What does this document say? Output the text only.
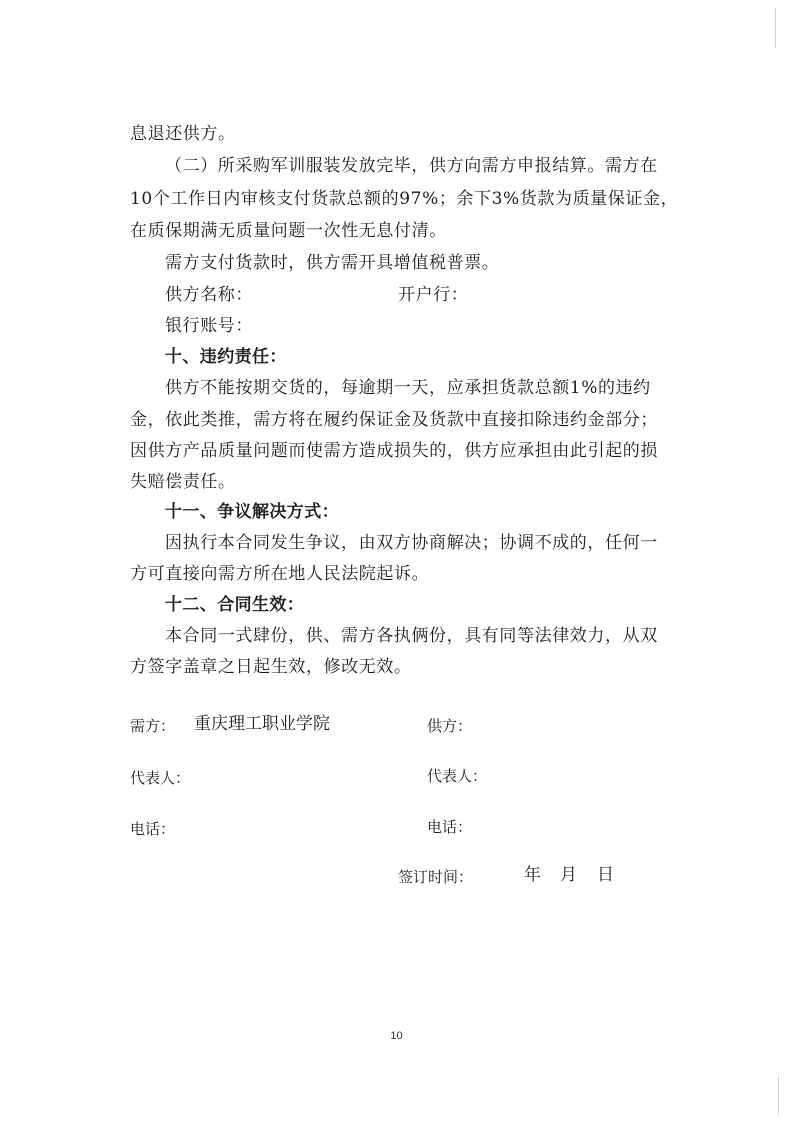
息退还供方。
（二）所采购军训服装发放完毕，供方向需方申报结算。需方在
10个工作日内审核支付货款总额的97%；余下3%货款为质量保证金，
在质保期满无质量问题一次性无息付清。
需方支付货款时，供方需开具增值税普票。
供方名称：	开户行：
银行账号：
十、违约责任：
供方不能按期交货的，每逾期一天，应承担货款总额1%的违约
金，依此类推，需方将在履约保证金及货款中直接扣除违约金部分；
因供方产品质量问题而使需方造成损失的，供方应承担由此引起的损
失赔偿责任。
十一、争议解决方式：
因执行本合同发生争议，由双方协商解决；协调不成的，任何一
方可直接向需方所在地人民法院起诉。
十二、合同生效：
本合同一式肆份，供、需方各执俩份，具有同等法律效力，从双
方签字盖章之日起生效，修改无效。
需方： 重庆理工职业学院	供方：
代表人：	代表人：
电话：	电话：
签订时间：	年 月 日
10
